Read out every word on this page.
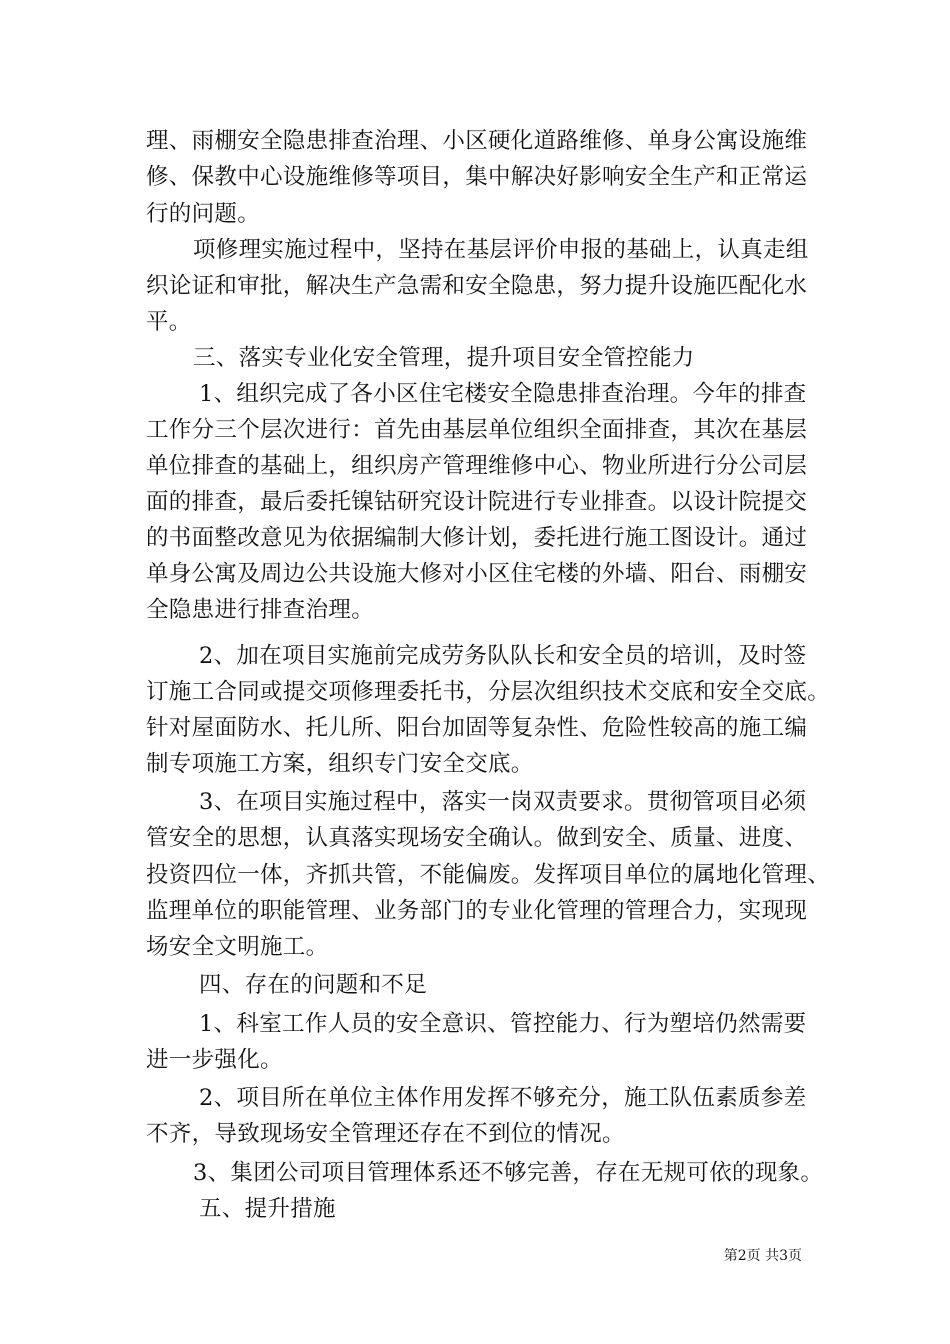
理、雨棚安全隐患排查治理、小区硬化道路维修、单身公寓设施维
修、保教中心设施维修等项目，集中解决好影响安全生产和正常运
行的问题。
项修理实施过程中，坚持在基层评价申报的基础上，认真走组
织论证和审批，解决生产急需和安全隐患，努力提升设施匹配化水
平。
三、落实专业化安全管理，提升项目安全管控能力
1、组织完成了各小区住宅楼安全隐患排查治理。今年的排查
工作分三个层次进行：首先由基层单位组织全面排查，其次在基层
单位排查的基础上，组织房产管理维修中心、物业所进行分公司层
面的排查，最后委托镍钴研究设计院进行专业排查。以设计院提交
的书面整改意见为依据编制大修计划，委托进行施工图设计。通过
单身公寓及周边公共设施大修对小区住宅楼的外墙、阳台、雨棚安
全隐患进行排查治理。
2、加在项目实施前完成劳务队队长和安全员的培训，及时签
订施工合同或提交项修理委托书，分层次组织技术交底和安全交底。
针对屋面防水、托儿所、阳台加固等复杂性、危险性较高的施工编
制专项施工方案，组织专门安全交底。
3、在项目实施过程中，落实一岗双责要求。贯彻管项目必须
管安全的思想，认真落实现场安全确认。做到安全、质量、进度、
投资四位一体，齐抓共管，不能偏废。发挥项目单位的属地化管理、
监理单位的职能管理、业务部门的专业化管理的管理合力，实现现
场安全文明施工。
四、存在的问题和不足
1、科室工作人员的安全意识、管控能力、行为塑培仍然需要
进一步强化。
2、项目所在单位主体作用发挥不够充分，施工队伍素质参差
不齐，导致现场安全管理还存在不到位的情况。
3、集团公司项目管理体系还不够完善，存在无规可依的现象。
五、提升措施
第2页 共3页
